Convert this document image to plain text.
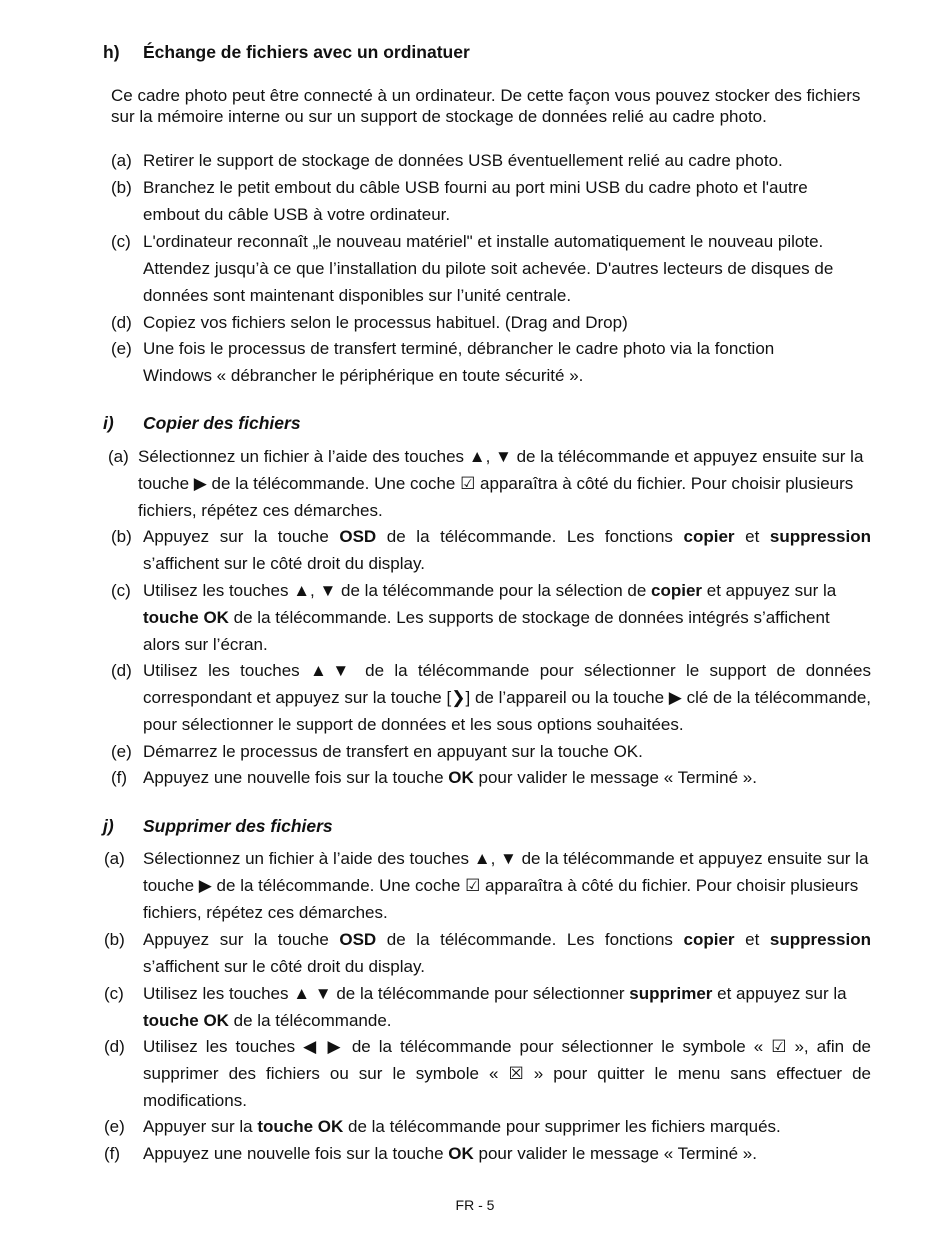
h) Échange de fichiers avec un ordinatuer

Ce cadre photo peut être connecté à un ordinateur. De cette façon vous pouvez stocker des fichiers sur la mémoire interne ou sur un support de stockage de données relié au cadre photo.

(a) Retirer le support de stockage de données USB éventuellement relié au cadre photo.
(b) Branchez le petit embout du câble USB fourni au port mini USB du cadre photo et l'autre embout du câble USB à votre ordinateur.
(c) L'ordinateur reconnaît „le nouveau matériel" et installe automatiquement le nouveau pilote. Attendez jusqu’à ce que l’installation du pilote soit achevée. D'autres lecteurs de disques de données sont maintenant disponibles sur l’unité centrale.
(d) Copiez vos fichiers selon le processus habituel. (Drag and Drop)
(e) Une fois le processus de transfert terminé, débrancher le cadre photo via la fonction Windows « débrancher le périphérique en toute sécurité ».
i) Copier des fichiers
(a) Sélectionnez un fichier à l’aide des touches ▲, ▼ de la télécommande et appuyez ensuite sur la touche ▶ de la télécommande. Une coche ☑ apparaîtra à côté du fichier. Pour choisir plusieurs fichiers, répétez ces démarches.
(b) Appuyez sur la touche OSD de la télécommande. Les fonctions copier et suppression s’affichent sur le côté droit du display.
(c) Utilisez les touches ▲, ▼ de la télécommande pour la sélection de copier et appuyez sur la touche OK de la télécommande. Les supports de stockage de données intégrés s’affichent alors sur l’écran.
(d) Utilisez les touches ▲▼ de la télécommande pour sélectionner le support de données correspondant et appuyez sur la touche [❯] de l’appareil ou la touche ▶ clé de la télécommande, pour sélectionner le support de données et les sous options souhaitées.
(e) Démarrez le processus de transfert en appuyant sur la touche OK.
(f) Appuyez une nouvelle fois sur la touche OK pour valider le message « Terminé ».
j) Supprimer des fichiers
(a)	Sélectionnez un fichier à l’aide des touches ▲, ▼ de la télécommande et appuyez ensuite sur la touche ▶ de la télécommande. Une coche ☑ apparaîtra à côté du fichier. Pour choisir plusieurs fichiers, répétez ces démarches.
(b)	Appuyez sur la touche OSD de la télécommande. Les fonctions copier et suppression s’affichent sur le côté droit du display.
(c)	Utilisez les touches ▲ ▼ de la télécommande pour sélectionner supprimer et appuyez sur la touche OK de la télécommande.
(d)	Utilisez les touches ◀ ▶ de la télécommande pour sélectionner le symbole « ☑ », afin de supprimer des fichiers ou sur le symbole « ☒ » pour quitter le menu sans effectuer de modifications.
(e)	Appuyer sur la touche OK de la télécommande pour supprimer les fichiers marqués.
(f)	Appuyez une nouvelle fois sur la touche OK pour valider le message « Terminé ».
FR - 5
